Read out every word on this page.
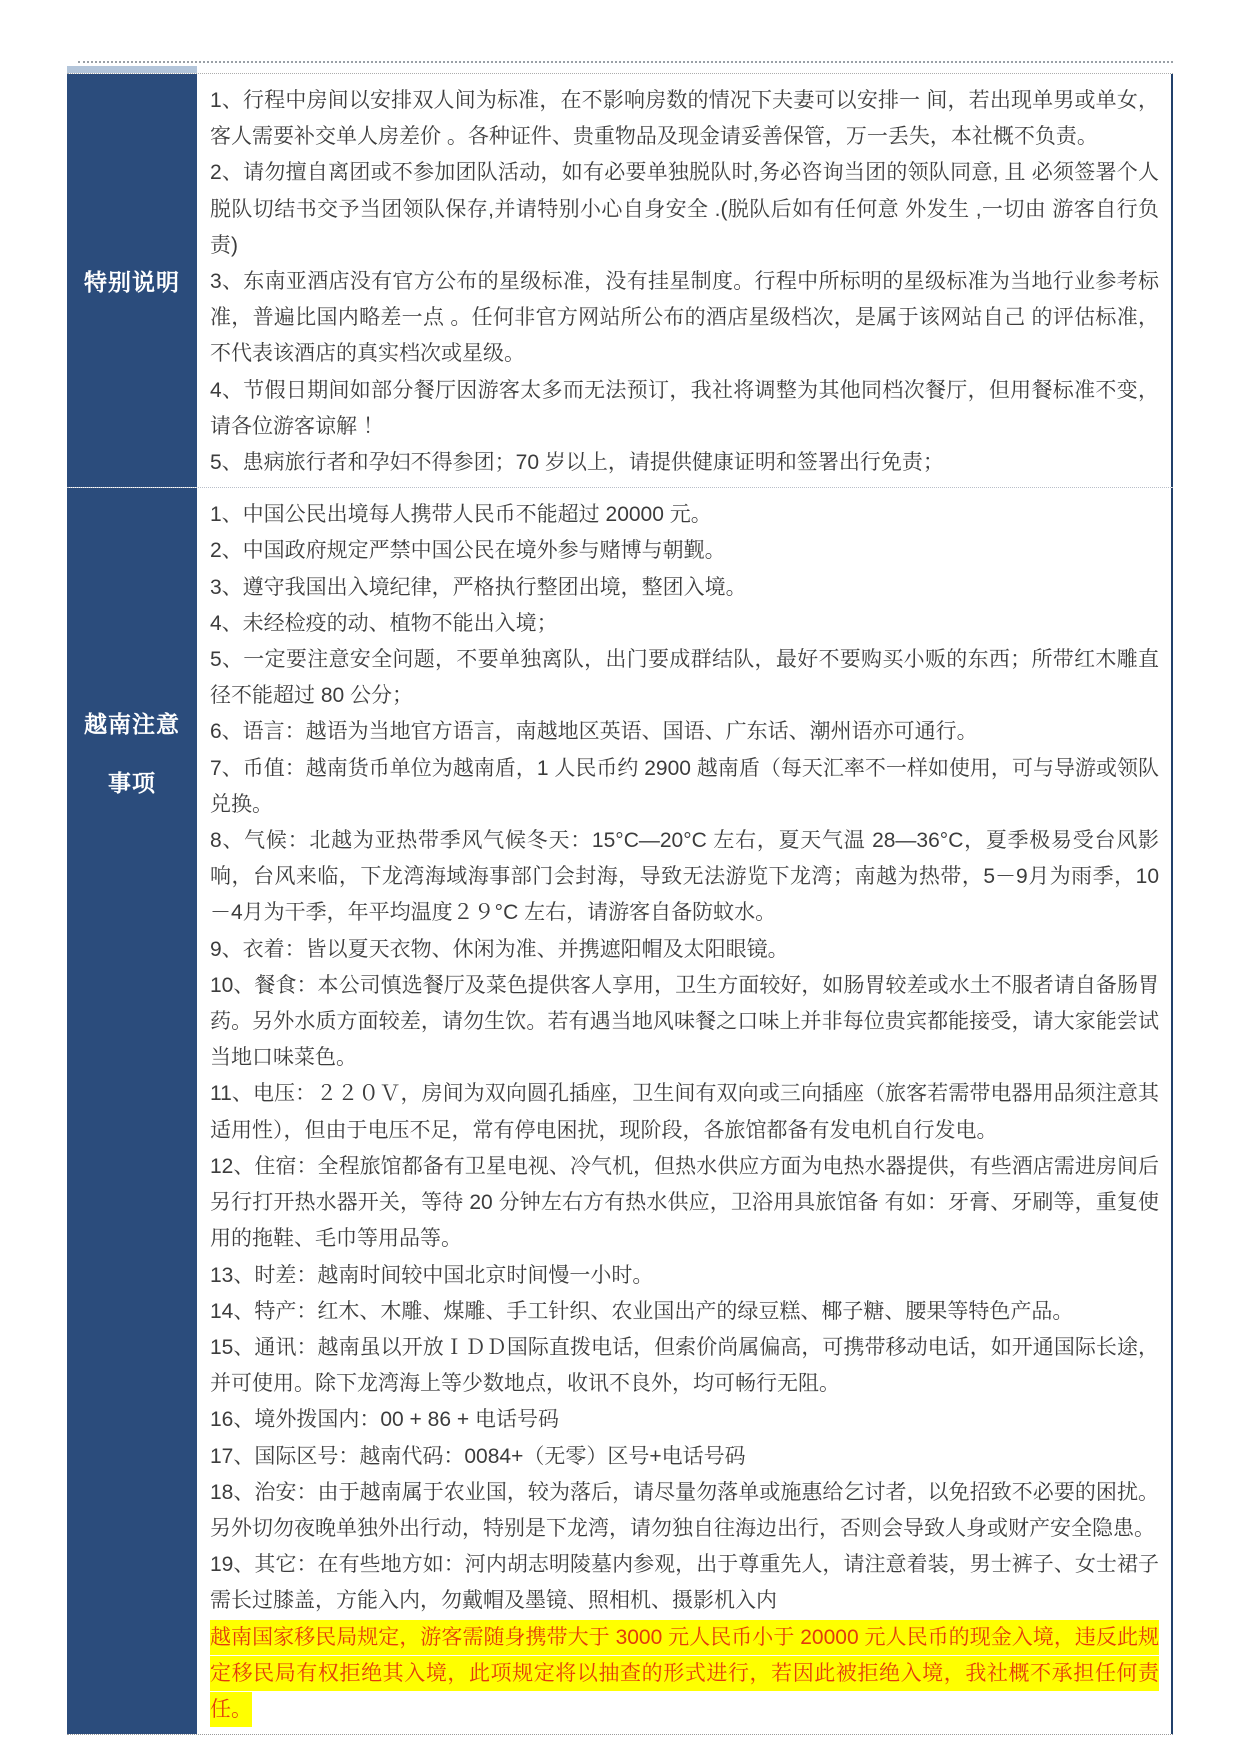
特别说明

1、行程中房间以安排双人间为标准，在不影响房数的情况下夫妻可以安排一 间，若出现单男或单女，客人需要补交单人房差价 。各种证件、贵重物品及现金请妥善保管，万一丢失，本社概不负责。

2、请勿擅自离团或不参加团队活动，如有必要单独脱队时,务必咨询当团的领队同意, 且 必须签署个人脱队切结书交予当团领队保存,并请特别小心自身安全 .(脱队后如有任何意 外发生 ,一切由 游客自行负责)

3、东南亚酒店没有官方公布的星级标准，没有挂星制度。行程中所标明的星级标准为当地行业参考标准，普遍比国内略差一点 。任何非官方网站所公布的酒店星级档次，是属于该网站自己 的评估标准，不代表该酒店的真实档次或星级。

4、节假日期间如部分餐厅因游客太多而无法预订，我社将调整为其他同档次餐厅，但用餐标准不变，请各位游客谅解 ！

5、患病旅行者和孕妇不得参团；70 岁以上，请提供健康证明和签署出行免责；

越南注意
事项

1、中国公民出境每人携带人民币不能超过 20000 元。

2、中国政府规定严禁中国公民在境外参与赌博与朝觐。

3、遵守我国出入境纪律，严格执行整团出境，整团入境。

4、未经检疫的动、植物不能出入境；

5、一定要注意安全问题，不要单独离队，出门要成群结队，最好不要购买小贩的东西；所带红木雕直径不能超过 80 公分；

6、语言：越语为当地官方语言，南越地区英语、国语、广东话、潮州语亦可通行。

7、币值：越南货币单位为越南盾，1 人民币约 2900 越南盾（每天汇率不一样如使用，可与导游或领队兑换。

8、气候：北越为亚热带季风气候冬天：15°C—20°C 左右，夏天气温 28—36°C，夏季极易受台风影响，台风来临，下龙湾海域海事部门会封海，导致无法游览下龙湾；南越为热带，5－9月为雨季，10－4月为干季，年平均温度２９°C 左右，请游客自备防蚊水。

9、衣着：皆以夏天衣物、休闲为准、并携遮阳帽及太阳眼镜。

10、餐食：本公司慎选餐厅及菜色提供客人享用，卫生方面较好，如肠胃较差或水土不服者请自备肠胃药。另外水质方面较差，请勿生饮。若有遇当地风味餐之口味上并非每位贵宾都能接受，请大家能尝试当地口味菜色。

11、电压：２２０Ｖ，房间为双向圆孔插座，卫生间有双向或三向插座（旅客若需带电器用品须注意其适用性），但由于电压不足，常有停电困扰，现阶段，各旅馆都备有发电机自行发电。

12、住宿：全程旅馆都备有卫星电视、冷气机，但热水供应方面为电热水器提供，有些酒店需进房间后另行打开热水器开关，等待 20 分钟左右方有热水供应，卫浴用具旅馆备 有如：牙膏、牙刷等，重复使用的拖鞋、毛巾等用品等。

13、时差：越南时间较中国北京时间慢一小时。

14、特产：红木、木雕、煤雕、手工针织、农业国出产的绿豆糕、椰子糖、腰果等特色产品。

15、通讯：越南虽以开放ＩＤＤ国际直拨电话，但索价尚属偏高，可携带移动电话，如开通国际长途，并可使用。除下龙湾海上等少数地点，收讯不良外，均可畅行无阻。

16、境外拨国内：00 + 86 + 电话号码

17、国际区号：越南代码：0084+（无零）区号+电话号码

18、治安：由于越南属于农业国，较为落后，请尽量勿落单或施惠给乞讨者，以免招致不必要的困扰。另外切勿夜晚单独外出行动，特别是下龙湾，请勿独自往海边出行，否则会导致人身或财产安全隐患。

19、其它：在有些地方如：河内胡志明陵墓内参观，出于尊重先人，请注意着装，男士裤子、女士裙子需长过膝盖，方能入内，勿戴帽及墨镜、照相机、摄影机入内

越南国家移民局规定，游客需随身携带大于 3000 元人民币小于 20000 元人民币的现金入境，违反此规定移民局有权拒绝其入境，此项规定将以抽查的形式进行，若因此被拒绝入境，我社概不承担任何责任。
